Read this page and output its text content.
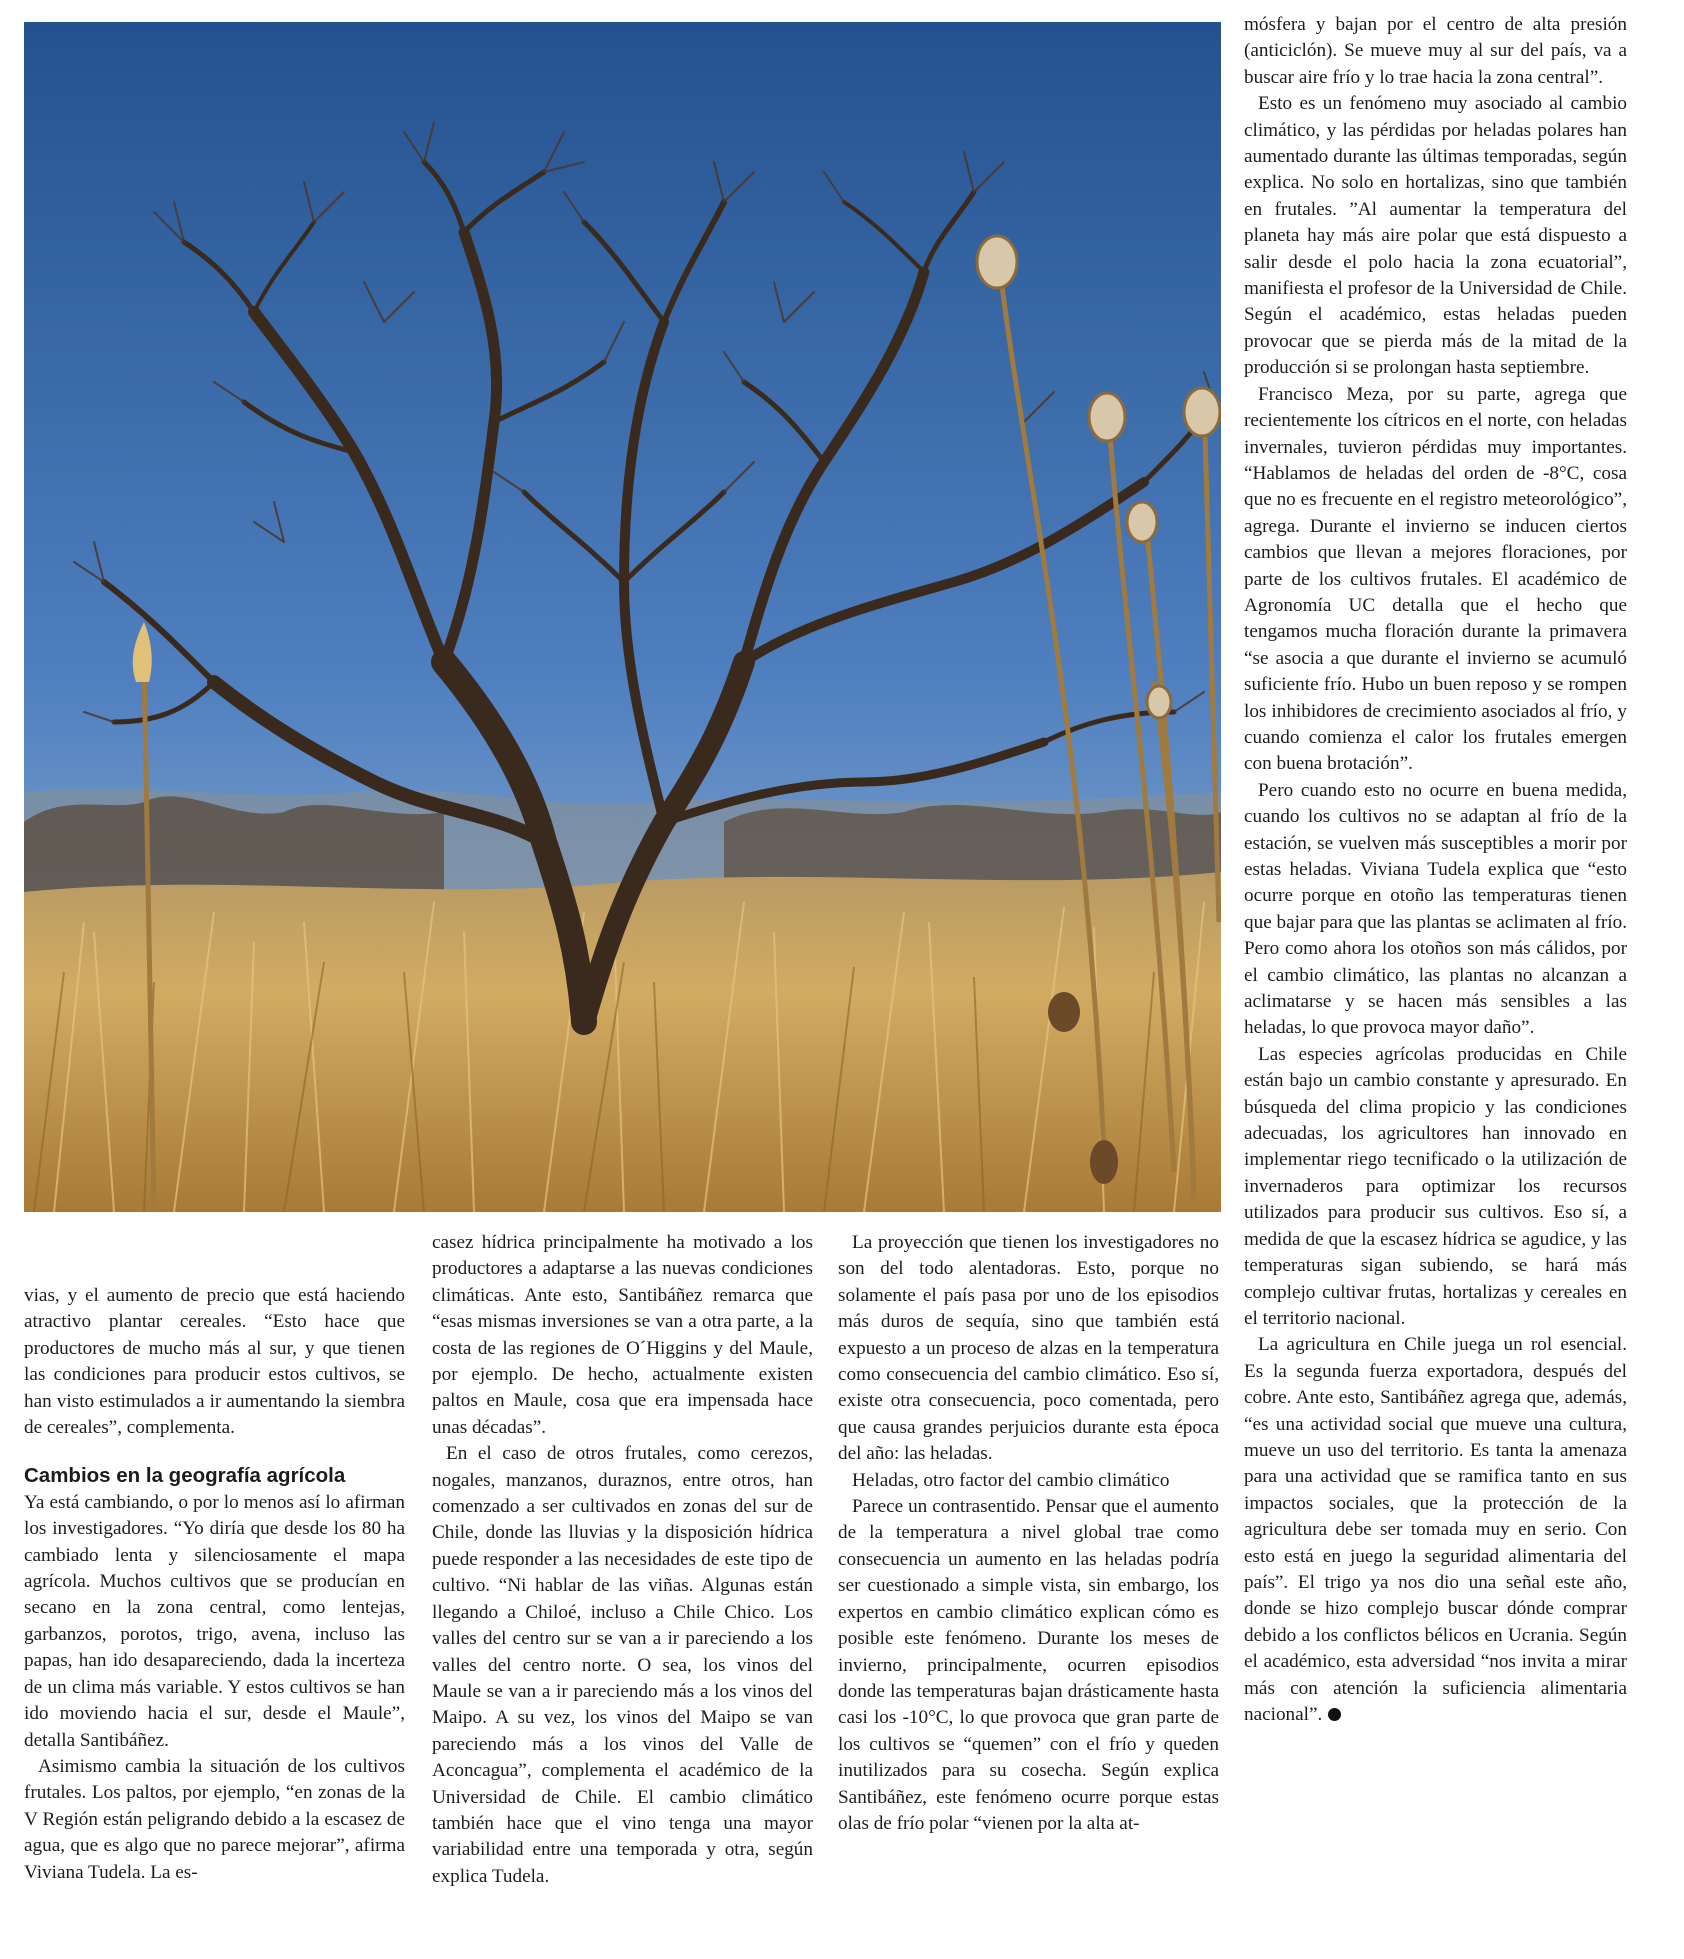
vias, y el aumento de precio que está haciendo atractivo plantar cereales. “Esto hace que productores de mucho más al sur, y que tienen las condiciones para producir estos cultivos, se han visto estimulados a ir aumentando la siembra de cereales”, complementa.

Cambios en la geografía agrícola

Ya está cambiando, o por lo menos así lo afirman los investigadores. “Yo diría que desde los 80 ha cambiado lenta y silenciosamente el mapa agrícola. Muchos cultivos que se producían en secano en la zona central, como lentejas, garbanzos, porotos, trigo, avena, incluso las papas, han ido desapareciendo, dada la incerteza de un clima más variable. Y estos cultivos se han ido moviendo hacia el sur, desde el Maule”, detalla Santibáñez.

Asimismo cambia la situación de los cultivos frutales. Los paltos, por ejemplo, “en zonas de la V Región están peligrando debido a la escasez de agua, que es algo que no parece mejorar”, afirma Viviana Tudela. La es-

casez hídrica principalmente ha motivado a los productores a adaptarse a las nuevas condiciones climáticas. Ante esto, Santibáñez remarca que “esas mismas inversiones se van a otra parte, a la costa de las regiones de O´Higgins y del Maule, por ejemplo. De hecho, actualmente existen paltos en Maule, cosa que era impensada hace unas décadas”.

En el caso de otros frutales, como cerezos, nogales, manzanos, duraznos, entre otros, han comenzado a ser cultivados en zonas del sur de Chile, donde las lluvias y la disposición hídrica puede responder a las necesidades de este tipo de cultivo. “Ni hablar de las viñas. Algunas están llegando a Chiloé, incluso a Chile Chico. Los valles del centro sur se van a ir pareciendo a los valles del centro norte. O sea, los vinos del Maule se van a ir pareciendo más a los vinos del Maipo. A su vez, los vinos del Maipo se van pareciendo más a los vinos del Valle de Aconcagua”, complementa el académico de la Universidad de Chile. El cambio climático también hace que el vino tenga una mayor variabilidad entre una temporada y otra, según explica Tudela.

La proyección que tienen los investigadores no son del todo alentadoras. Esto, porque no solamente el país pasa por uno de los episodios más duros de sequía, sino que también está expuesto a un proceso de alzas en la temperatura como consecuencia del cambio climático. Eso sí, existe otra consecuencia, poco comentada, pero que causa grandes perjuicios durante esta época del año: las heladas.

Heladas, otro factor del cambio climático

Parece un contrasentido. Pensar que el aumento de la temperatura a nivel global trae como consecuencia un aumento en las heladas podría ser cuestionado a simple vista, sin embargo, los expertos en cambio climático explican cómo es posible este fenómeno. Durante los meses de invierno, principalmente, ocurren episodios donde las temperaturas bajan drásticamente hasta casi los -10°C, lo que provoca que gran parte de los cultivos se “quemen” con el frío y queden inutilizados para su cosecha. Según explica Santibáñez, este fenómeno ocurre porque estas olas de frío polar “vienen por la alta at-

mósfera y bajan por el centro de alta presión (anticiclón). Se mueve muy al sur del país, va a buscar aire frío y lo trae hacia la zona central”.

Esto es un fenómeno muy asociado al cambio climático, y las pérdidas por heladas polares han aumentado durante las últimas temporadas, según explica. No solo en hortalizas, sino que también en frutales. ”Al aumentar la temperatura del planeta hay más aire polar que está dispuesto a salir desde el polo hacia la zona ecuatorial”, manifiesta el profesor de la Universidad de Chile. Según el académico, estas heladas pueden provocar que se pierda más de la mitad de la producción si se prolongan hasta septiembre.

Francisco Meza, por su parte, agrega que recientemente los cítricos en el norte, con heladas invernales, tuvieron pérdidas muy importantes. “Hablamos de heladas del orden de -8°C, cosa que no es frecuente en el registro meteorológico”, agrega. Durante el invierno se inducen ciertos cambios que llevan a mejores floraciones, por parte de los cultivos frutales. El académico de Agronomía UC detalla que el hecho que tengamos mucha floración durante la primavera “se asocia a que durante el invierno se acumuló suficiente frío. Hubo un buen reposo y se rompen los inhibidores de crecimiento asociados al frío, y cuando comienza el calor los frutales emergen con buena brotación”.

Pero cuando esto no ocurre en buena medida, cuando los cultivos no se adaptan al frío de la estación, se vuelven más susceptibles a morir por estas heladas. Viviana Tudela explica que “esto ocurre porque en otoño las temperaturas tienen que bajar para que las plantas se aclimaten al frío. Pero como ahora los otoños son más cálidos, por el cambio climático, las plantas no alcanzan a aclimatarse y se hacen más sensibles a las heladas, lo que provoca mayor daño”.

Las especies agrícolas producidas en Chile están bajo un cambio constante y apresurado. En búsqueda del clima propicio y las condiciones adecuadas, los agricultores han innovado en implementar riego tecnificado o la utilización de invernaderos para optimizar los recursos utilizados para producir sus cultivos. Eso sí, a medida de que la escasez hídrica se agudice, y las temperaturas sigan subiendo, se hará más complejo cultivar frutas, hortalizas y cereales en el territorio nacional.

La agricultura en Chile juega un rol esencial. Es la segunda fuerza exportadora, después del cobre. Ante esto, Santibáñez agrega que, además, “es una actividad social que mueve una cultura, mueve un uso del territorio. Es tanta la amenaza para una actividad que se ramifica tanto en sus impactos sociales, que la protección de la agricultura debe ser tomada muy en serio. Con esto está en juego la seguridad alimentaria del país”. El trigo ya nos dio una señal este año, donde se hizo complejo buscar dónde comprar debido a los conflictos bélicos en Ucrania. Según el académico, esta adversidad “nos invita a mirar más con atención la suficiencia alimentaria nacional”.
